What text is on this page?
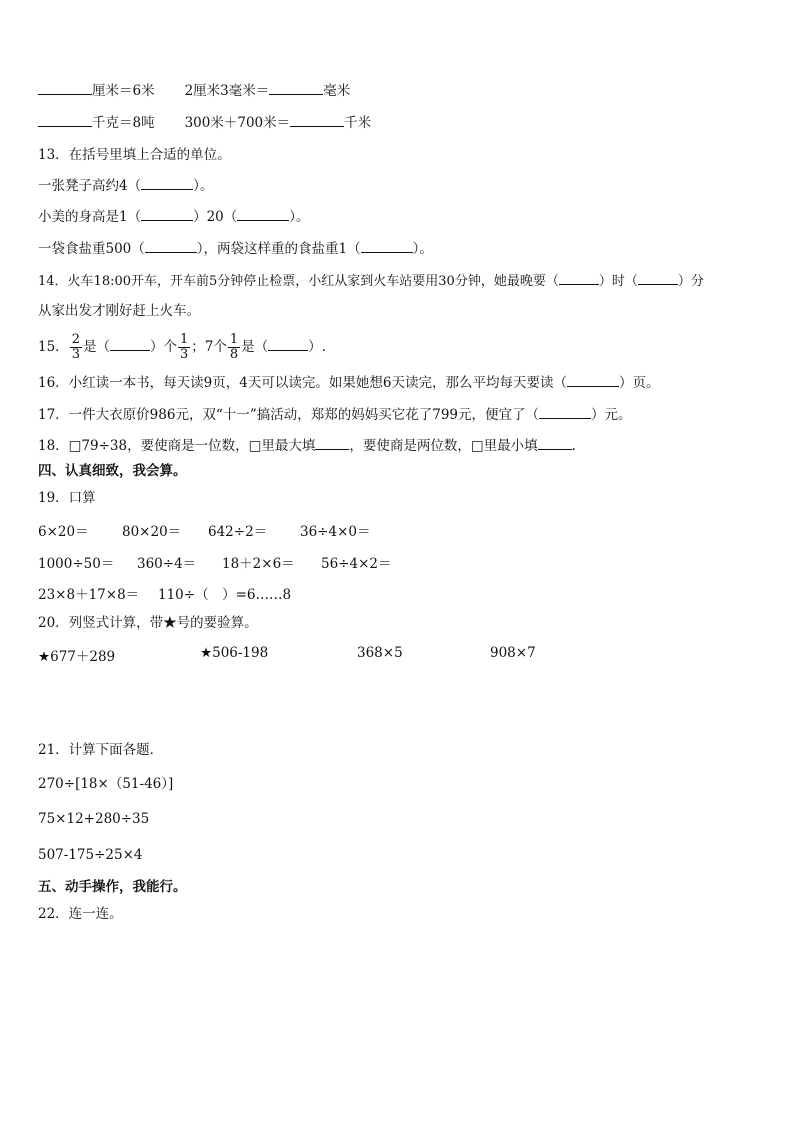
厘米＝6米 2厘米3毫米＝	毫米
千克＝8吨 300米＋700米＝	千米
13．在括号里填上合适的单位。
一张凳子高约4（	）。
小美的身高是1（	）20（	）。
一袋食盐重500（	），两袋这样重的食盐重1（	）。
14．火车18:00开车，开车前5分钟停止检票，小红从家到火车站要用30分钟，她最晚要（	）时（	）分
从家出发才刚好赶上火车。
15． $\frac{2}{3}$ 是（	）个 $\frac{1}{3}$ ；7个 $\frac{1}{8}$ 是（	）.
16．小红读一本书，每天读9页，4天可以读完。如果她想6天读完，那么平均每天要读（	）页。
17．一件大衣原价986元，双“十一”搞活动，郑郑的妈妈买它花了799元，便宜了（	）元。
18．□79÷38，要使商是一位数，□里最大填	，要使商是两位数，□里最小填	.
四、认真细致，我会算。
19．口算
6×20＝ 80×20＝ 642÷2＝ 36÷4×0＝
1000÷50＝ 360÷4＝ 18＋2×6＝ 56÷4×2＝
23×8＋17×8＝ 110÷（　）=6……8
20．列竖式计算，带★号的要验算。
★677＋289	★506-198	368×5	908×7
21．计算下面各题．
270÷[18×（51-46）]
75×12+280÷35
507-175÷25×4
五、动手操作，我能行。
22．连一连。
